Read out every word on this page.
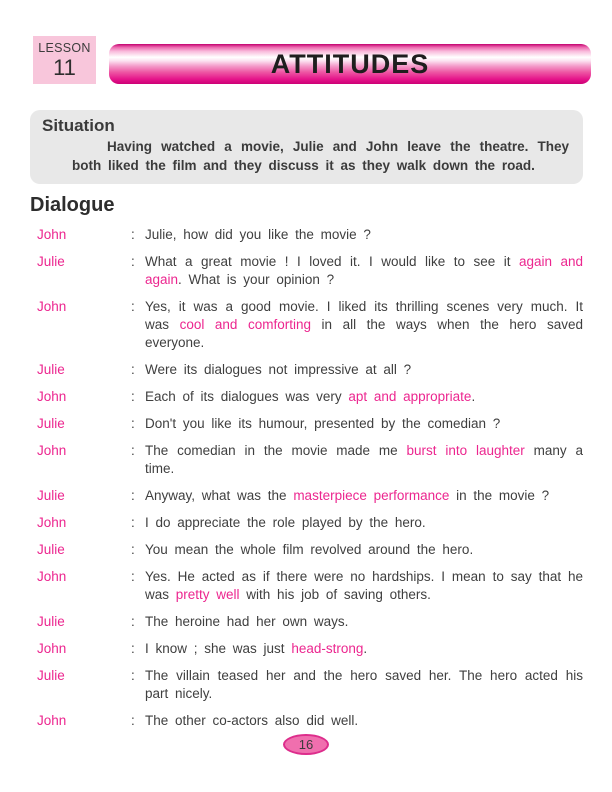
LESSON
11	ATTITUDES
Situation

Having watched a movie, Julie and John leave the theatre. They both liked the film and they discuss it as they walk down the road.

Dialogue
John	: Julie, how did you like the movie ?
Julie	: What a great movie ! I loved it. I would like to see it again and again. What is your opinion ?
John	: Yes, it was a good movie. I liked its thrilling scenes very much. It was cool and comforting in all the ways when the hero saved everyone.
Julie	: Were its dialogues not impressive at all ?
John	: Each of its dialogues was very apt and appropriate.
Julie	: Don't you like its humour, presented by the comedian ?
John	: The comedian in the movie made me burst into laughter many a time.
Julie	: Anyway, what was the masterpiece performance in the movie ?
John	: I do appreciate the role played by the hero.
Julie	: You mean the whole film revolved around the hero.
John	: Yes. He acted as if there were no hardships. I mean to say that he was pretty well with his job of saving others.
Julie	: The heroine had her own ways.
John	: I know ; she was just head-strong.
Julie	: The villain teased her and the hero saved her. The hero acted his part nicely.
John	: The other co-actors also did well.
16
